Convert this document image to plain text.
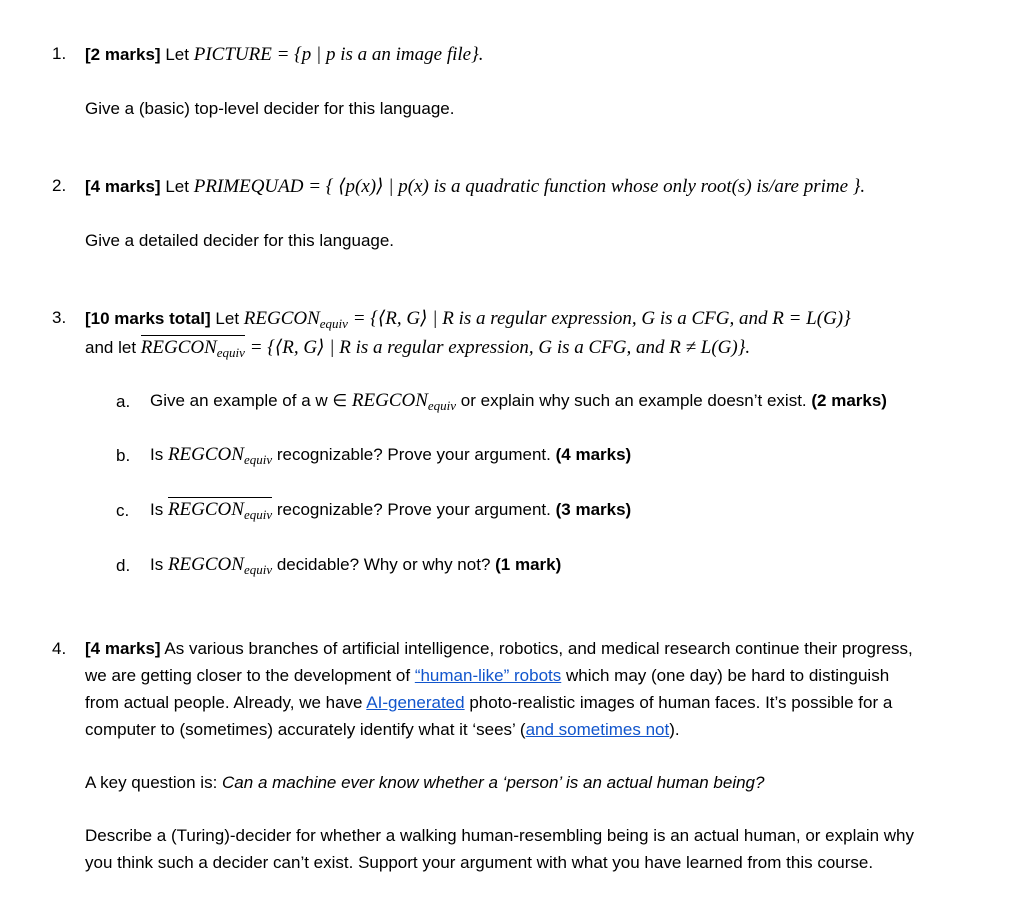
1. [2 marks] Let PICTURE = {p | p is a an image file}.
Give a (basic) top-level decider for this language.
2. [4 marks] Let PRIMEQUAD = { ⟨p(x)⟩ | p(x) is a quadratic function whose only root(s) is/are prime }.
Give a detailed decider for this language.
3. [10 marks total] Let $REGCON_{equiv}$ = {⟨R, G⟩ | R is a regular expression, G is a CFG, and R = L(G)}
and let $REGCON_{equiv}$ = {⟨R, G⟩ | R is a regular expression, G is a CFG, and R ≠ L(G)}.
a. Give an example of a w ∈ $REGCON_{equiv}$ or explain why such an example doesn’t exist. (2 marks)
b. Is $REGCON_{equiv}$ recognizable? Prove your argument. (4 marks)
c. Is $REGCON_{equiv}$ recognizable? Prove your argument. (3 marks)
d. Is $REGCON_{equiv}$ decidable? Why or why not? (1 mark)
4. [4 marks] As various branches of artificial intelligence, robotics, and medical research continue their progress,
we are getting closer to the development of “human-like” robots which may (one day) be hard to distinguish
from actual people. Already, we have AI-generated photo-realistic images of human faces. It’s possible for a
computer to (sometimes) accurately identify what it ‘sees’ (and sometimes not).
A key question is: Can a machine ever know whether a ‘person’ is an actual human being?
Describe a (Turing)-decider for whether a walking human-resembling being is an actual human, or explain why
you think such a decider can’t exist. Support your argument with what you have learned from this course.
